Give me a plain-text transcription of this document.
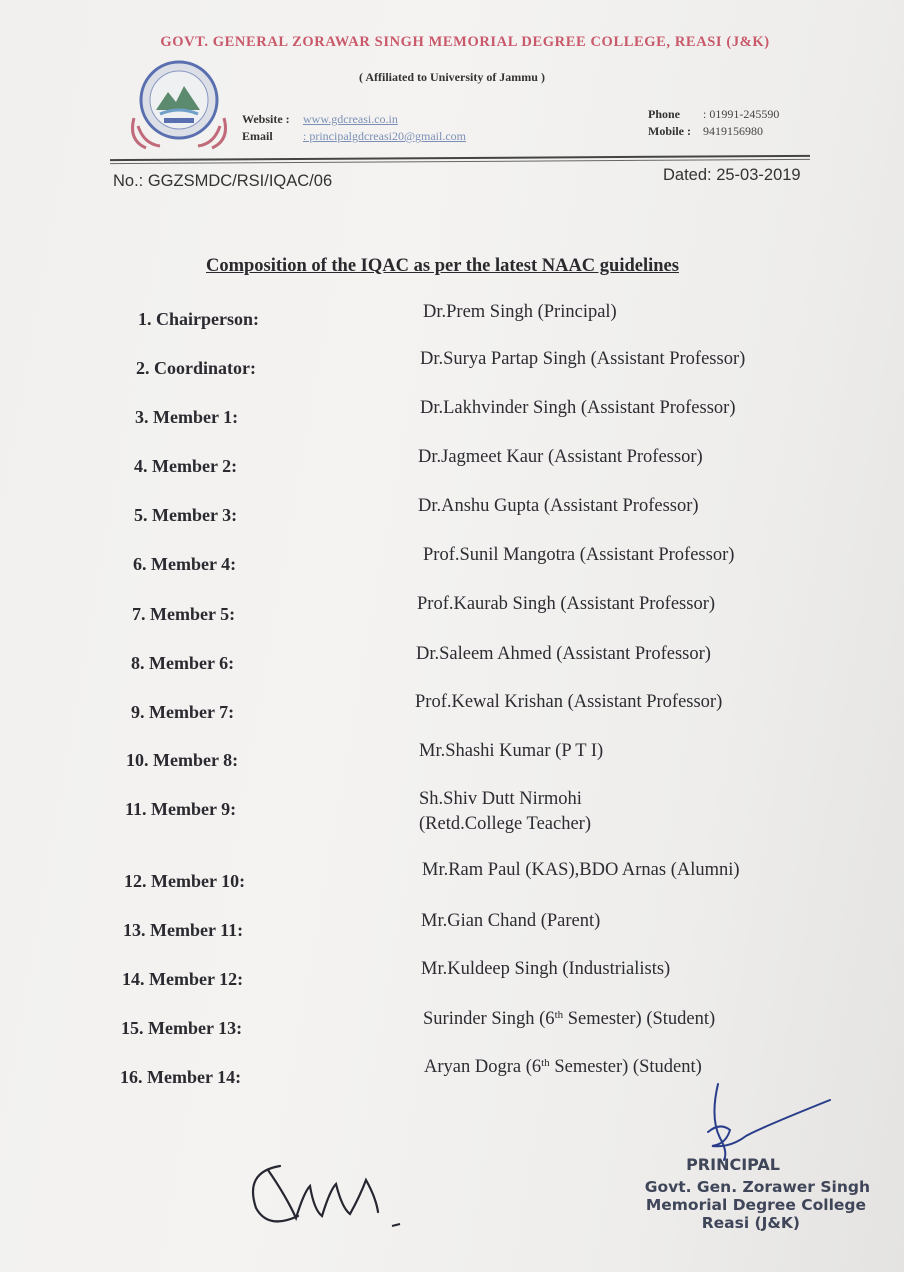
GOVT. GENERAL ZORAWAR SINGH MEMORIAL DEGREE COLLEGE, REASI (J&K)
( Affiliated to University of Jammu )
Website : www.gdcreasi.co.in
Email	: principalgdcreasi20@gmail.com
Phone : 01991-245590
Mobile : 9419156980
No.: GGZSMDC/RSI/IQAC/06	Dated: 25-03-2019
Composition of the IQAC as per the latest NAAC guidelines
1. Chairperson:	Dr.Prem Singh (Principal)
2. Coordinator:	Dr.Surya Partap Singh (Assistant Professor)
3. Member 1:	Dr.Lakhvinder Singh (Assistant Professor)
4. Member 2:	Dr.Jagmeet Kaur (Assistant Professor)
5. Member 3:	Dr.Anshu Gupta (Assistant Professor)
6. Member 4:	Prof.Sunil Mangotra (Assistant Professor)
7. Member 5:	Prof.Kaurab Singh (Assistant Professor)
8. Member 6:	Dr.Saleem Ahmed (Assistant Professor)
9. Member 7:	Prof.Kewal Krishan (Assistant Professor)
10. Member 8:	Mr.Shashi Kumar (P T I)
11. Member 9:	Sh.Shiv Dutt Nirmohi
(Retd.College Teacher)
12. Member 10:
Mr.Ram Paul (KAS),BDO Arnas (Alumni)
13. Member 11:	Mr.Gian Chand (Parent)
14. Member 12:	Mr.Kuldeep Singh (Industrialists)
15. Member 13:	Surinder Singh (6th Semester) (Student)
16. Member 14:	Aryan Dogra (6th Semester) (Student)
PRINCIPAL
Govt. Gen. Zorawer Singh
Memorial Degree College
Reasi (J&K)
